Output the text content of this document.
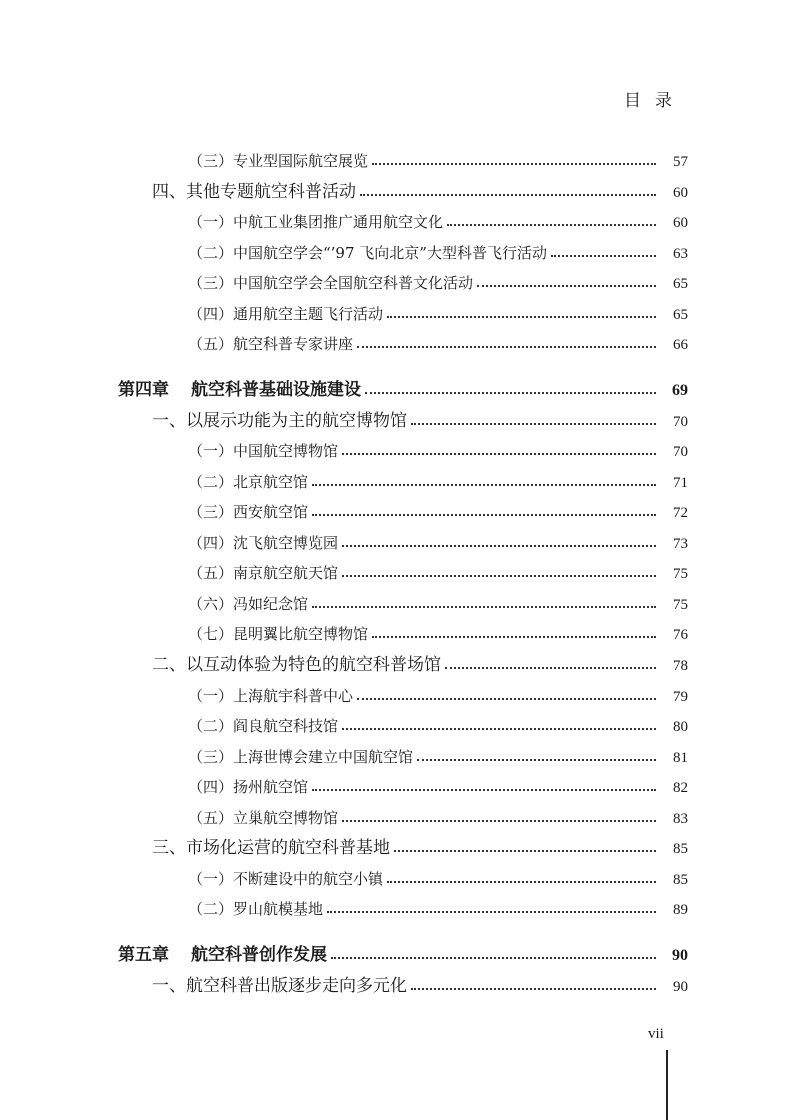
目录
（三）专业型国际航空展览	57
四、其他专题航空科普活动	60
（一）中航工业集团推广通用航空文化	60
（二）中国航空学会“’97 飞向北京”大型科普飞行活动	63
（三）中国航空学会全国航空科普文化活动	65
（四）通用航空主题飞行活动	65
（五）航空科普专家讲座	66
第四章 航空科普基础设施建设	69
一、以展示功能为主的航空博物馆	70
（一）中国航空博物馆	70
（二）北京航空馆	71
（三）西安航空馆	72
（四）沈飞航空博览园	73
（五）南京航空航天馆	75
（六）冯如纪念馆	75
（七）昆明翼比航空博物馆	76
二、以互动体验为特色的航空科普场馆	78
（一）上海航宇科普中心	79
（二）阎良航空科技馆	80
（三）上海世博会建立中国航空馆	81
（四）扬州航空馆	82
（五）立巢航空博物馆	83
三、市场化运营的航空科普基地	85
（一）不断建设中的航空小镇	85
（二）罗山航模基地	89
第五章 航空科普创作发展	90
一、航空科普出版逐步走向多元化	90
vii
